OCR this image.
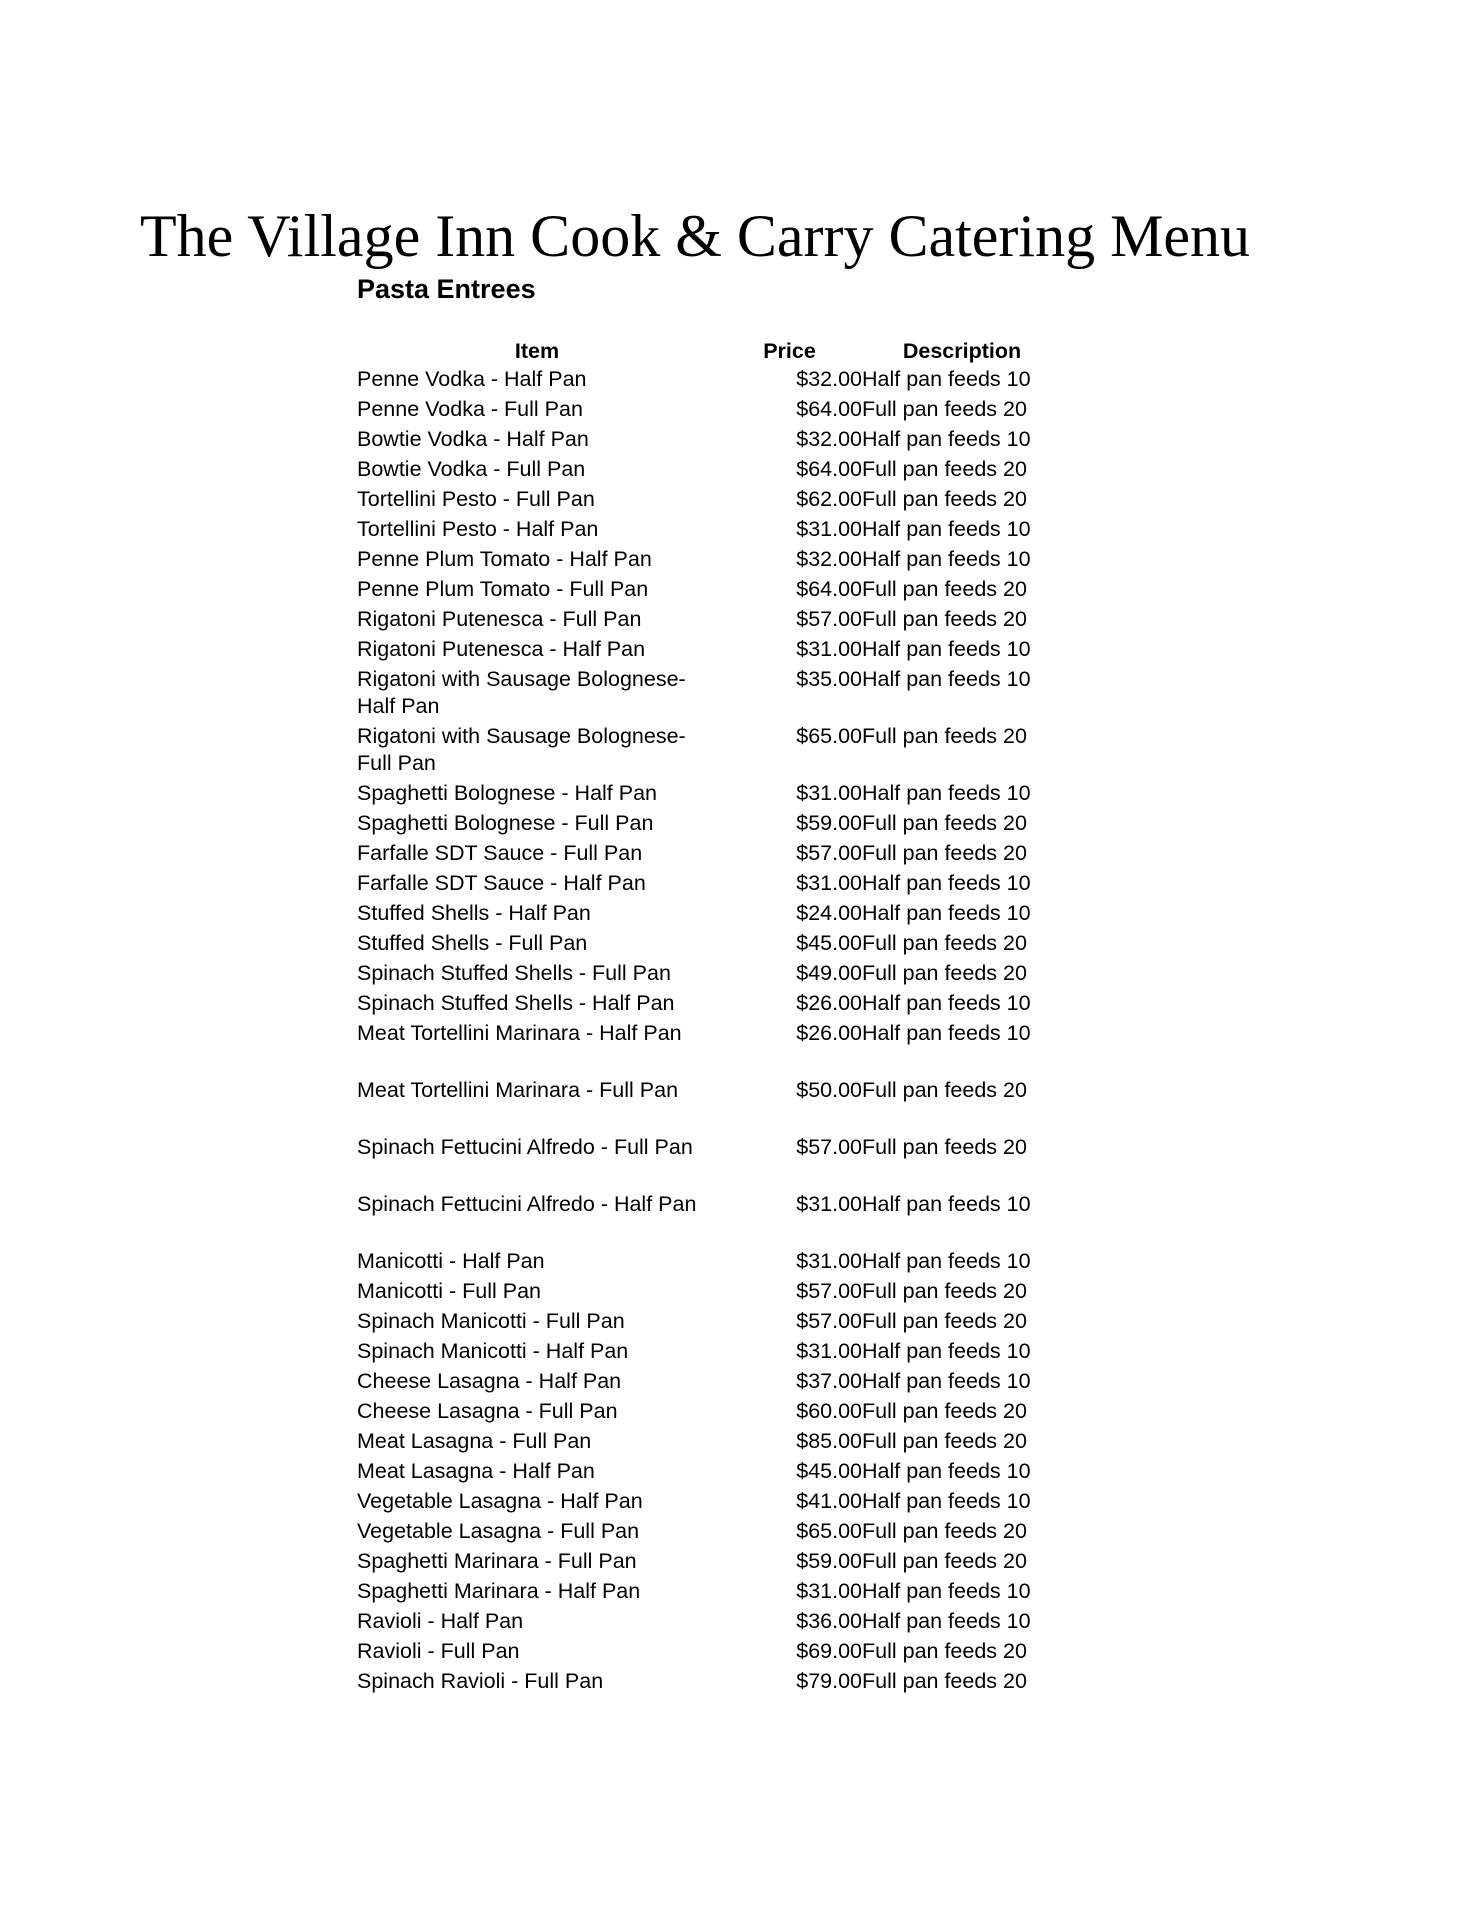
The Village Inn Cook & Carry Catering Menu
Pasta Entrees
Item	Price	Description
Penne Vodka - Half Pan	$32.00	Half pan feeds 10
Penne Vodka - Full Pan	$64.00	Full pan feeds 20
Bowtie Vodka - Half Pan	$32.00	Half pan feeds 10
Bowtie Vodka - Full Pan	$64.00	Full pan feeds 20
Tortellini Pesto - Full Pan	$62.00	Full pan feeds 20
Tortellini Pesto - Half Pan	$31.00	Half pan feeds 10
Penne Plum Tomato - Half Pan	$32.00	Half pan feeds 10
Penne Plum Tomato - Full Pan	$64.00	Full pan feeds 20
Rigatoni Putenesca - Full Pan	$57.00	Full pan feeds 20
Rigatoni Putenesca - Half Pan	$31.00	Half pan feeds 10
Rigatoni with Sausage Bolognese-Half Pan	$35.00	Half pan feeds 10
Rigatoni with Sausage Bolognese-Full Pan	$65.00	Full pan feeds 20
Spaghetti Bolognese - Half Pan	$31.00	Half pan feeds 10
Spaghetti Bolognese - Full Pan	$59.00	Full pan feeds 20
Farfalle SDT Sauce - Full Pan	$57.00	Full pan feeds 20
Farfalle SDT Sauce - Half Pan	$31.00	Half pan feeds 10
Stuffed Shells - Half Pan	$24.00	Half pan feeds 10
Stuffed Shells - Full Pan	$45.00	Full pan feeds 20
Spinach Stuffed Shells - Full Pan	$49.00	Full pan feeds 20
Spinach Stuffed Shells - Half Pan	$26.00	Half pan feeds 10
Meat Tortellini Marinara - Half Pan	$26.00	Half pan feeds 10
Meat Tortellini Marinara - Full Pan	$50.00	Full pan feeds 20
Spinach Fettucini Alfredo - Full Pan	$57.00	Full pan feeds 20
Spinach Fettucini Alfredo - Half Pan	$31.00	Half pan feeds 10
Manicotti - Half Pan	$31.00	Half pan feeds 10
Manicotti - Full Pan	$57.00	Full pan feeds 20
Spinach Manicotti - Full Pan	$57.00	Full pan feeds 20
Spinach Manicotti - Half Pan	$31.00	Half pan feeds 10
Cheese Lasagna - Half Pan	$37.00	Half pan feeds 10
Cheese Lasagna - Full Pan	$60.00	Full pan feeds 20
Meat Lasagna - Full Pan	$85.00	Full pan feeds 20
Meat Lasagna - Half Pan	$45.00	Half pan feeds 10
Vegetable Lasagna - Half Pan	$41.00	Half pan feeds 10
Vegetable Lasagna - Full Pan	$65.00	Full pan feeds 20
Spaghetti Marinara - Full Pan	$59.00	Full pan feeds 20
Spaghetti Marinara - Half Pan	$31.00	Half pan feeds 10
Ravioli - Half Pan	$36.00	Half pan feeds 10
Ravioli - Full Pan	$69.00	Full pan feeds 20
Spinach Ravioli - Full Pan	$79.00	Full pan feeds 20
